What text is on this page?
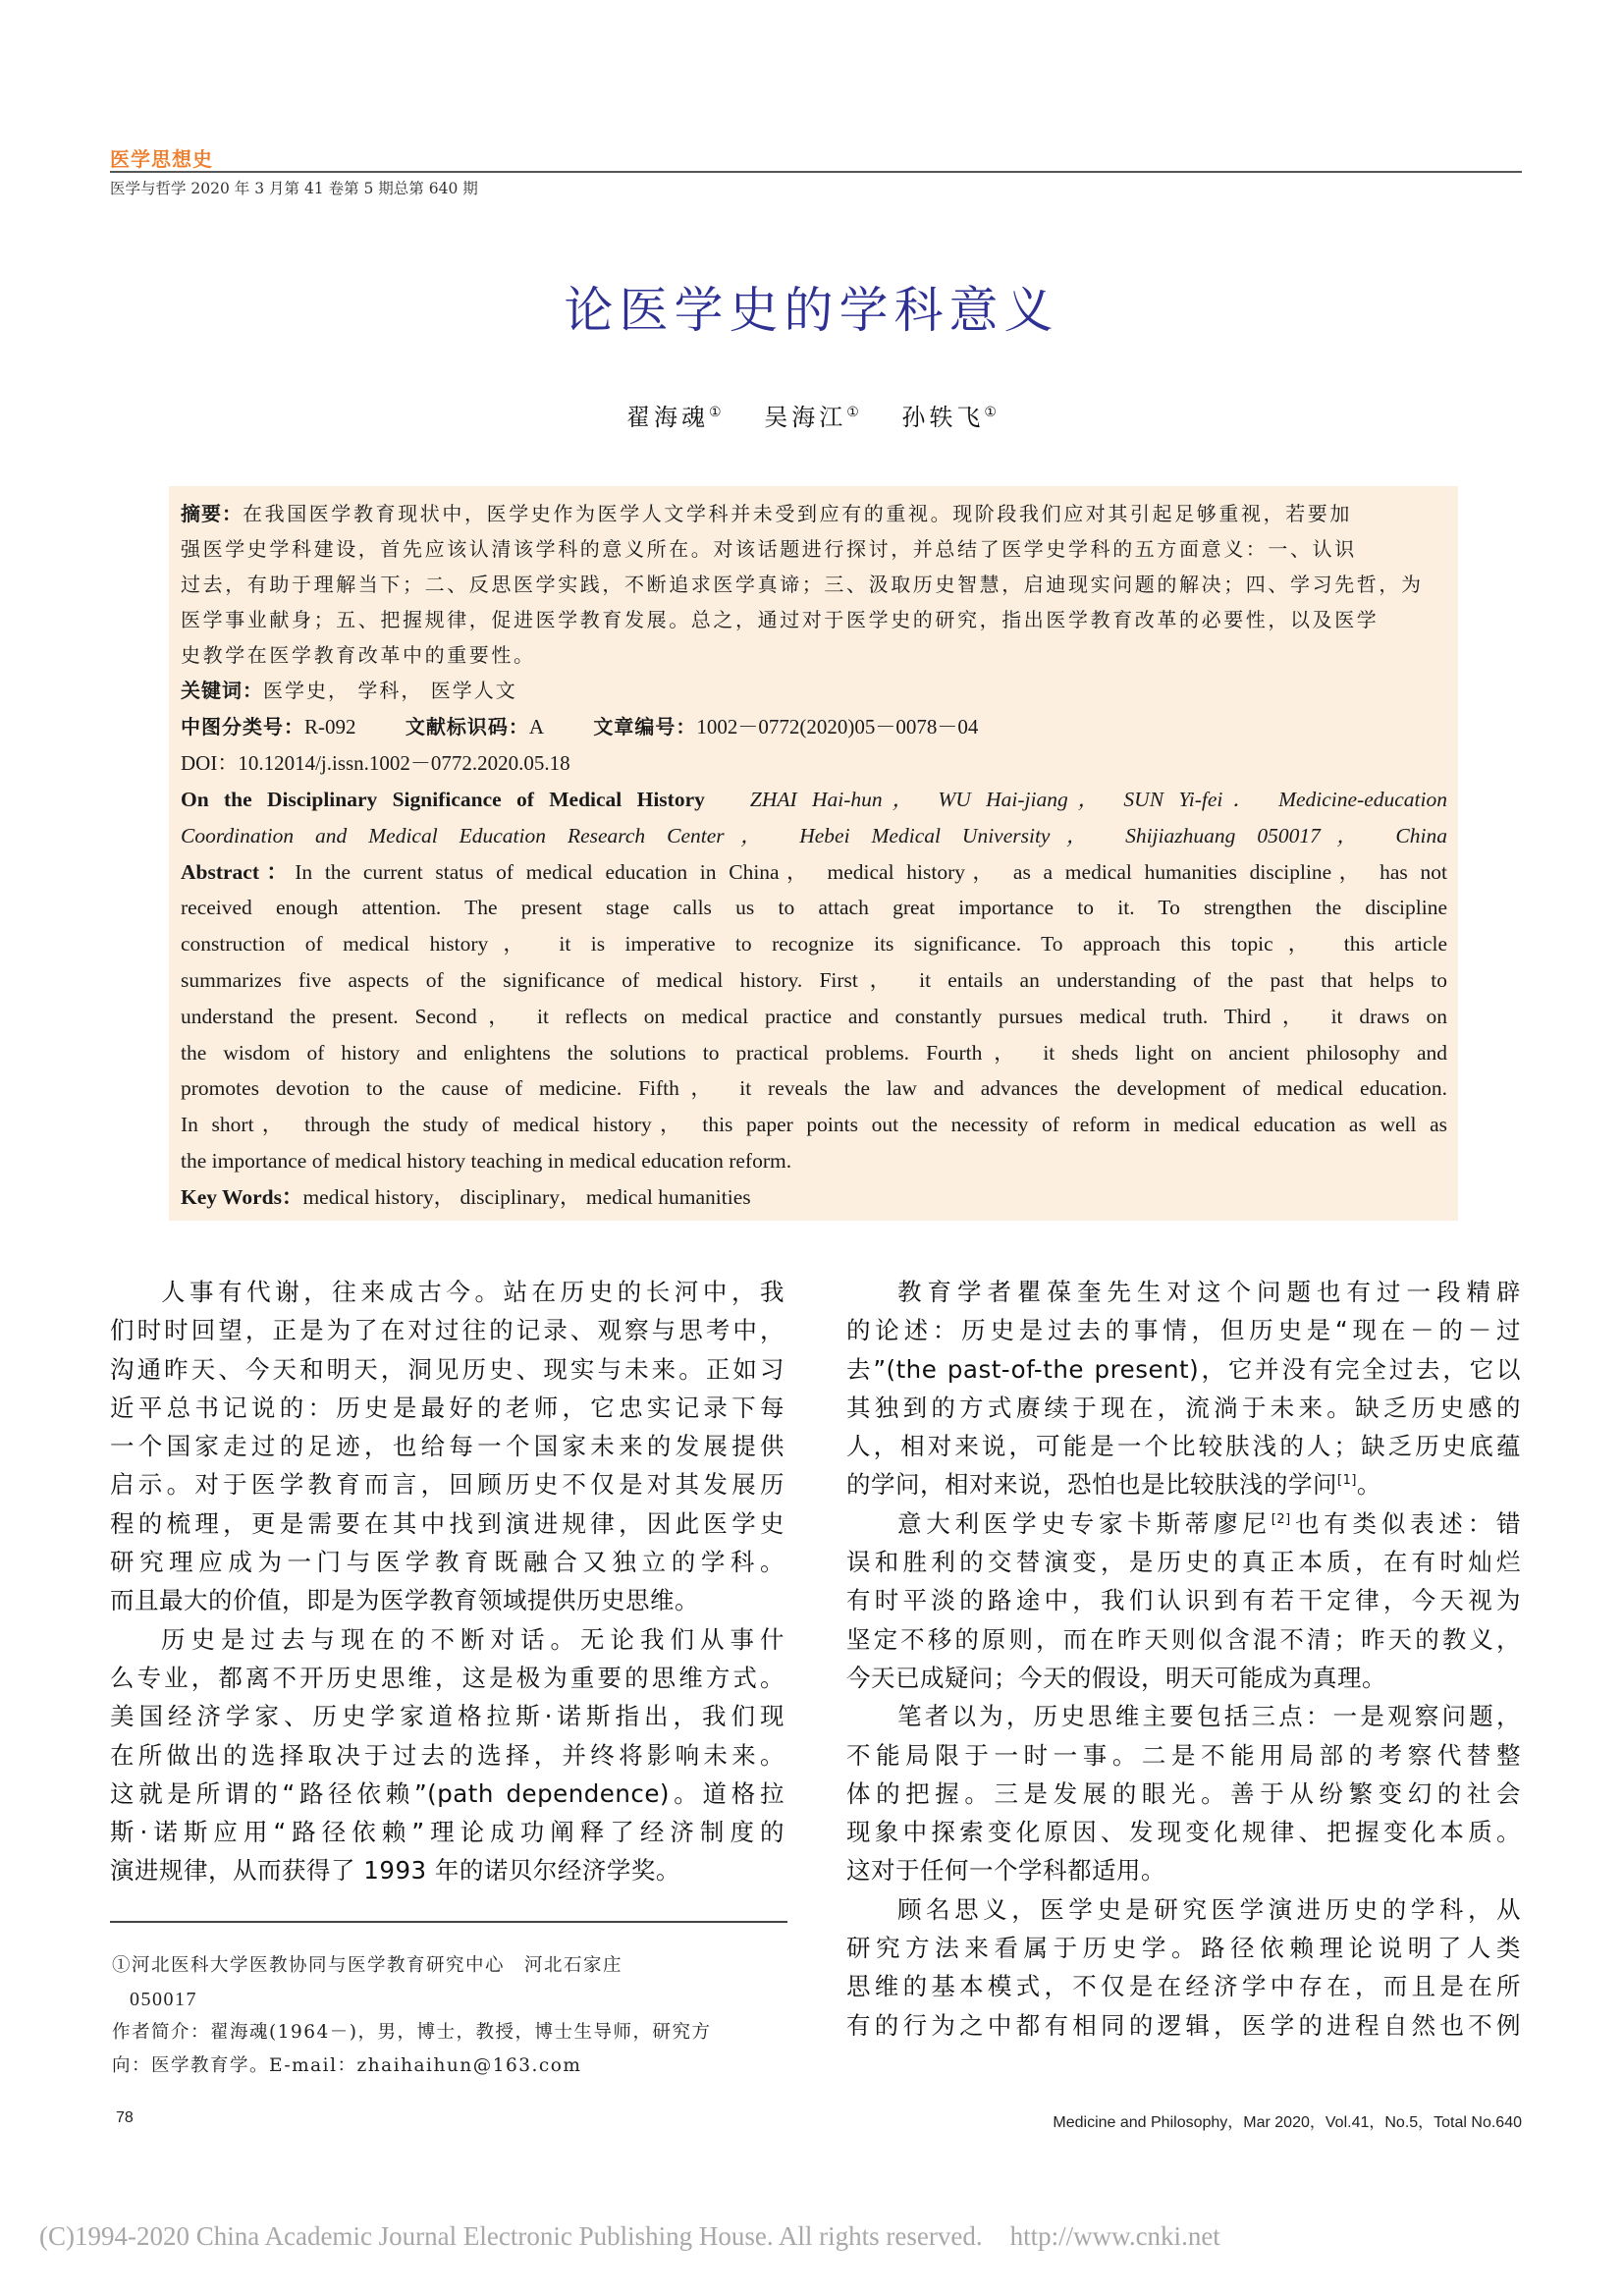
医学思想史
医学与哲学 2020 年 3 月第 41 卷第 5 期总第 640 期
论医学史的学科意义
翟海魂① 吴海江① 孙轶飞①
摘要：在我国医学教育现状中，医学史作为医学人文学科并未受到应有的重视。现阶段我们应对其引起足够重视，若要加
强医学史学科建设，首先应该认清该学科的意义所在。对该话题进行探讨，并总结了医学史学科的五方面意义：一、认识
过去，有助于理解当下；二、反思医学实践，不断追求医学真谛；三、汲取历史智慧，启迪现实问题的解决；四、学习先哲，为
医学事业献身；五、把握规律，促进医学教育发展。总之，通过对于医学史的研究，指出医学教育改革的必要性，以及医学
史教学在医学教育改革中的重要性。
关键词：医学史， 学科， 医学人文
中图分类号：R-092	文献标识码：A	文章编号：1002－0772(2020)05－0078－04
DOI：10.12014/j.issn.1002－0772.2020.05.18
On the Disciplinary Significance of Medical History ZHAI Hai-hun， WU Hai-jiang， SUN Yi-fei． Medicine-education
Coordination and Medical Education Research Center， Hebei Medical University， Shijiazhuang 050017， China
Abstract：In the current status of medical education in China， medical history， as a medical humanities discipline， has not
received enough attention. The present stage calls us to attach great importance to it. To strengthen the discipline
construction of medical history， it is imperative to recognize its significance. To approach this topic， this article
summarizes five aspects of the significance of medical history. First， it entails an understanding of the past that helps to
understand the present. Second， it reflects on medical practice and constantly pursues medical truth. Third， it draws on
the wisdom of history and enlightens the solutions to practical problems. Fourth， it sheds light on ancient philosophy and
promotes devotion to the cause of medicine. Fifth， it reveals the law and advances the development of medical education.
In short， through the study of medical history， this paper points out the necessity of reform in medical education as well as
the importance of medical history teaching in medical education reform.
Key Words：medical history， disciplinary， medical humanities
人事有代谢，往来成古今。站在历史的长河中，我
们时时回望，正是为了在对过往的记录、观察与思考中，
沟通昨天、今天和明天，洞见历史、现实与未来。正如习
近平总书记说的：历史是最好的老师，它忠实记录下每
一个国家走过的足迹，也给每一个国家未来的发展提供
启示。对于医学教育而言，回顾历史不仅是对其发展历
程的梳理，更是需要在其中找到演进规律，因此医学史
研究理应成为一门与医学教育既融合又独立的学科。
而且最大的价值，即是为医学教育领域提供历史思维。
历史是过去与现在的不断对话。无论我们从事什
么专业，都离不开历史思维，这是极为重要的思维方式。
美国经济学家、历史学家道格拉斯·诺斯指出，我们现
在所做出的选择取决于过去的选择，并终将影响未来。
这就是所谓的“路径依赖”(path dependence)。道格拉
斯·诺斯应用“路径依赖”理论成功阐释了经济制度的
演进规律，从而获得了 1993 年的诺贝尔经济学奖。
教育学者瞿葆奎先生对这个问题也有过一段精辟
的论述：历史是过去的事情，但历史是“现在－的－过
去”(the past-of-the present)，它并没有完全过去，它以
其独到的方式赓续于现在，流淌于未来。缺乏历史感的
人，相对来说，可能是一个比较肤浅的人；缺乏历史底蕴
的学问，相对来说，恐怕也是比较肤浅的学问[1]。
意大利医学史专家卡斯蒂廖尼[2]也有类似表述：错
误和胜利的交替演变，是历史的真正本质，在有时灿烂
有时平淡的路途中，我们认识到有若干定律，今天视为
坚定不移的原则，而在昨天则似含混不清；昨天的教义，
今天已成疑问；今天的假设，明天可能成为真理。
笔者以为，历史思维主要包括三点：一是观察问题，
不能局限于一时一事。二是不能用局部的考察代替整
体的把握。三是发展的眼光。善于从纷繁变幻的社会
现象中探索变化原因、发现变化规律、把握变化本质。
这对于任何一个学科都适用。
顾名思义，医学史是研究医学演进历史的学科，从
研究方法来看属于历史学。路径依赖理论说明了人类
思维的基本模式，不仅是在经济学中存在，而且是在所
有的行为之中都有相同的逻辑，医学的进程自然也不例
①河北医科大学医教协同与医学教育研究中心　河北石家庄
050017
作者简介：翟海魂(1964－)，男，博士，教授，博士生导师，研究方
向：医学教育学。E-mail：zhaihaihun@163.com
78	Medicine and Philosophy，Mar 2020，Vol.41，No.5，Total No.640
(C)1994-2020 China Academic Journal Electronic Publishing House. All rights reserved. http://www.cnki.net
